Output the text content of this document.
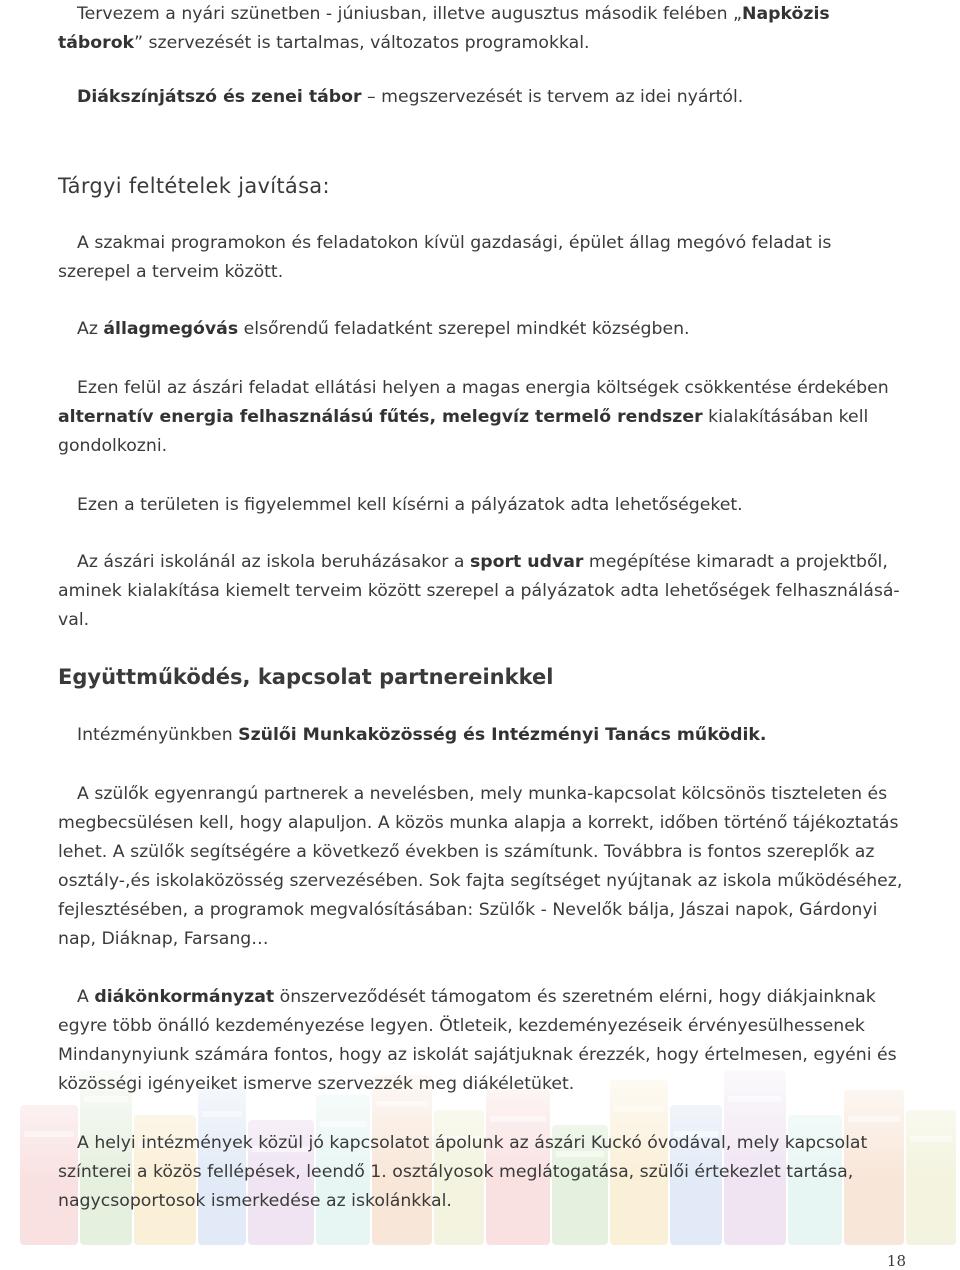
Tervezem a nyári szünetben - júniusban, illetve augusztus második felében „Napközis táborok” szervezését is tartalmas, változatos programokkal.

Diákszínjátszó és zenei tábor – megszervezését is tervem az idei nyártól.

Tárgyi feltételek javítása:

A szakmai programokon és feladatokon kívül gazdasági, épület állag megóvó feladat is szerepel a terveim között.

Az állagmegóvás elsőrendű feladatként szerepel mindkét községben.

Ezen felül az ászári feladat ellátási helyen a magas energia költségek csökkentése érdekében alternatív energia felhasználású fűtés, melegvíz termelő rendszer kialakításában kell gondolkozni.

Ezen a területen is figyelemmel kell kísérni a pályázatok adta lehetőségeket.

Az ászári iskolánál az iskola beruházásakor a sport udvar megépítése kimaradt a projektből, aminek kialakítása kiemelt terveim között szerepel a pályázatok adta lehetőségek felhasználásával.

Együttműködés, kapcsolat partnereinkkel

Intézményünkben Szülői Munkaközösség és Intézményi Tanács működik.

A szülők egyenrangú partnerek a nevelésben, mely munka-kapcsolat kölcsönös tiszteleten és megbecsülésen kell, hogy alapuljon. A közös munka alapja a korrekt, időben történő tájékoztatás lehet. A szülők segítségére a következő években is számítunk. Továbbra is fontos szereplők az osztály-,és iskolaközösség szervezésében. Sok fajta segítséget nyújtanak az iskola működéséhez, fejlesztésében, a programok megvalósításában: Szülők - Nevelők bálja, Jászai napok, Gárdonyi nap, Diáknap, Farsang…

A diákönkormányzat önszerveződését támogatom és szeretném elérni, hogy diákjainknak egyre több önálló kezdeményezése legyen. Ötleteik, kezdeményezéseik érvényesülhessenek Mindanynyiunk számára fontos, hogy az iskolát sajátjuknak érezzék, hogy értelmesen, egyéni és közösségi igényeiket ismerve szervezzék meg diákéletüket.

A helyi intézmények közül jó kapcsolatot ápolunk az ászári Kuckó óvodával, mely kapcsolat színterei a közös fellépések, leendő 1. osztályosok meglátogatása, szülői értekezlet tartása, nagycsoportosok ismerkedése az iskolánkkal.

18
